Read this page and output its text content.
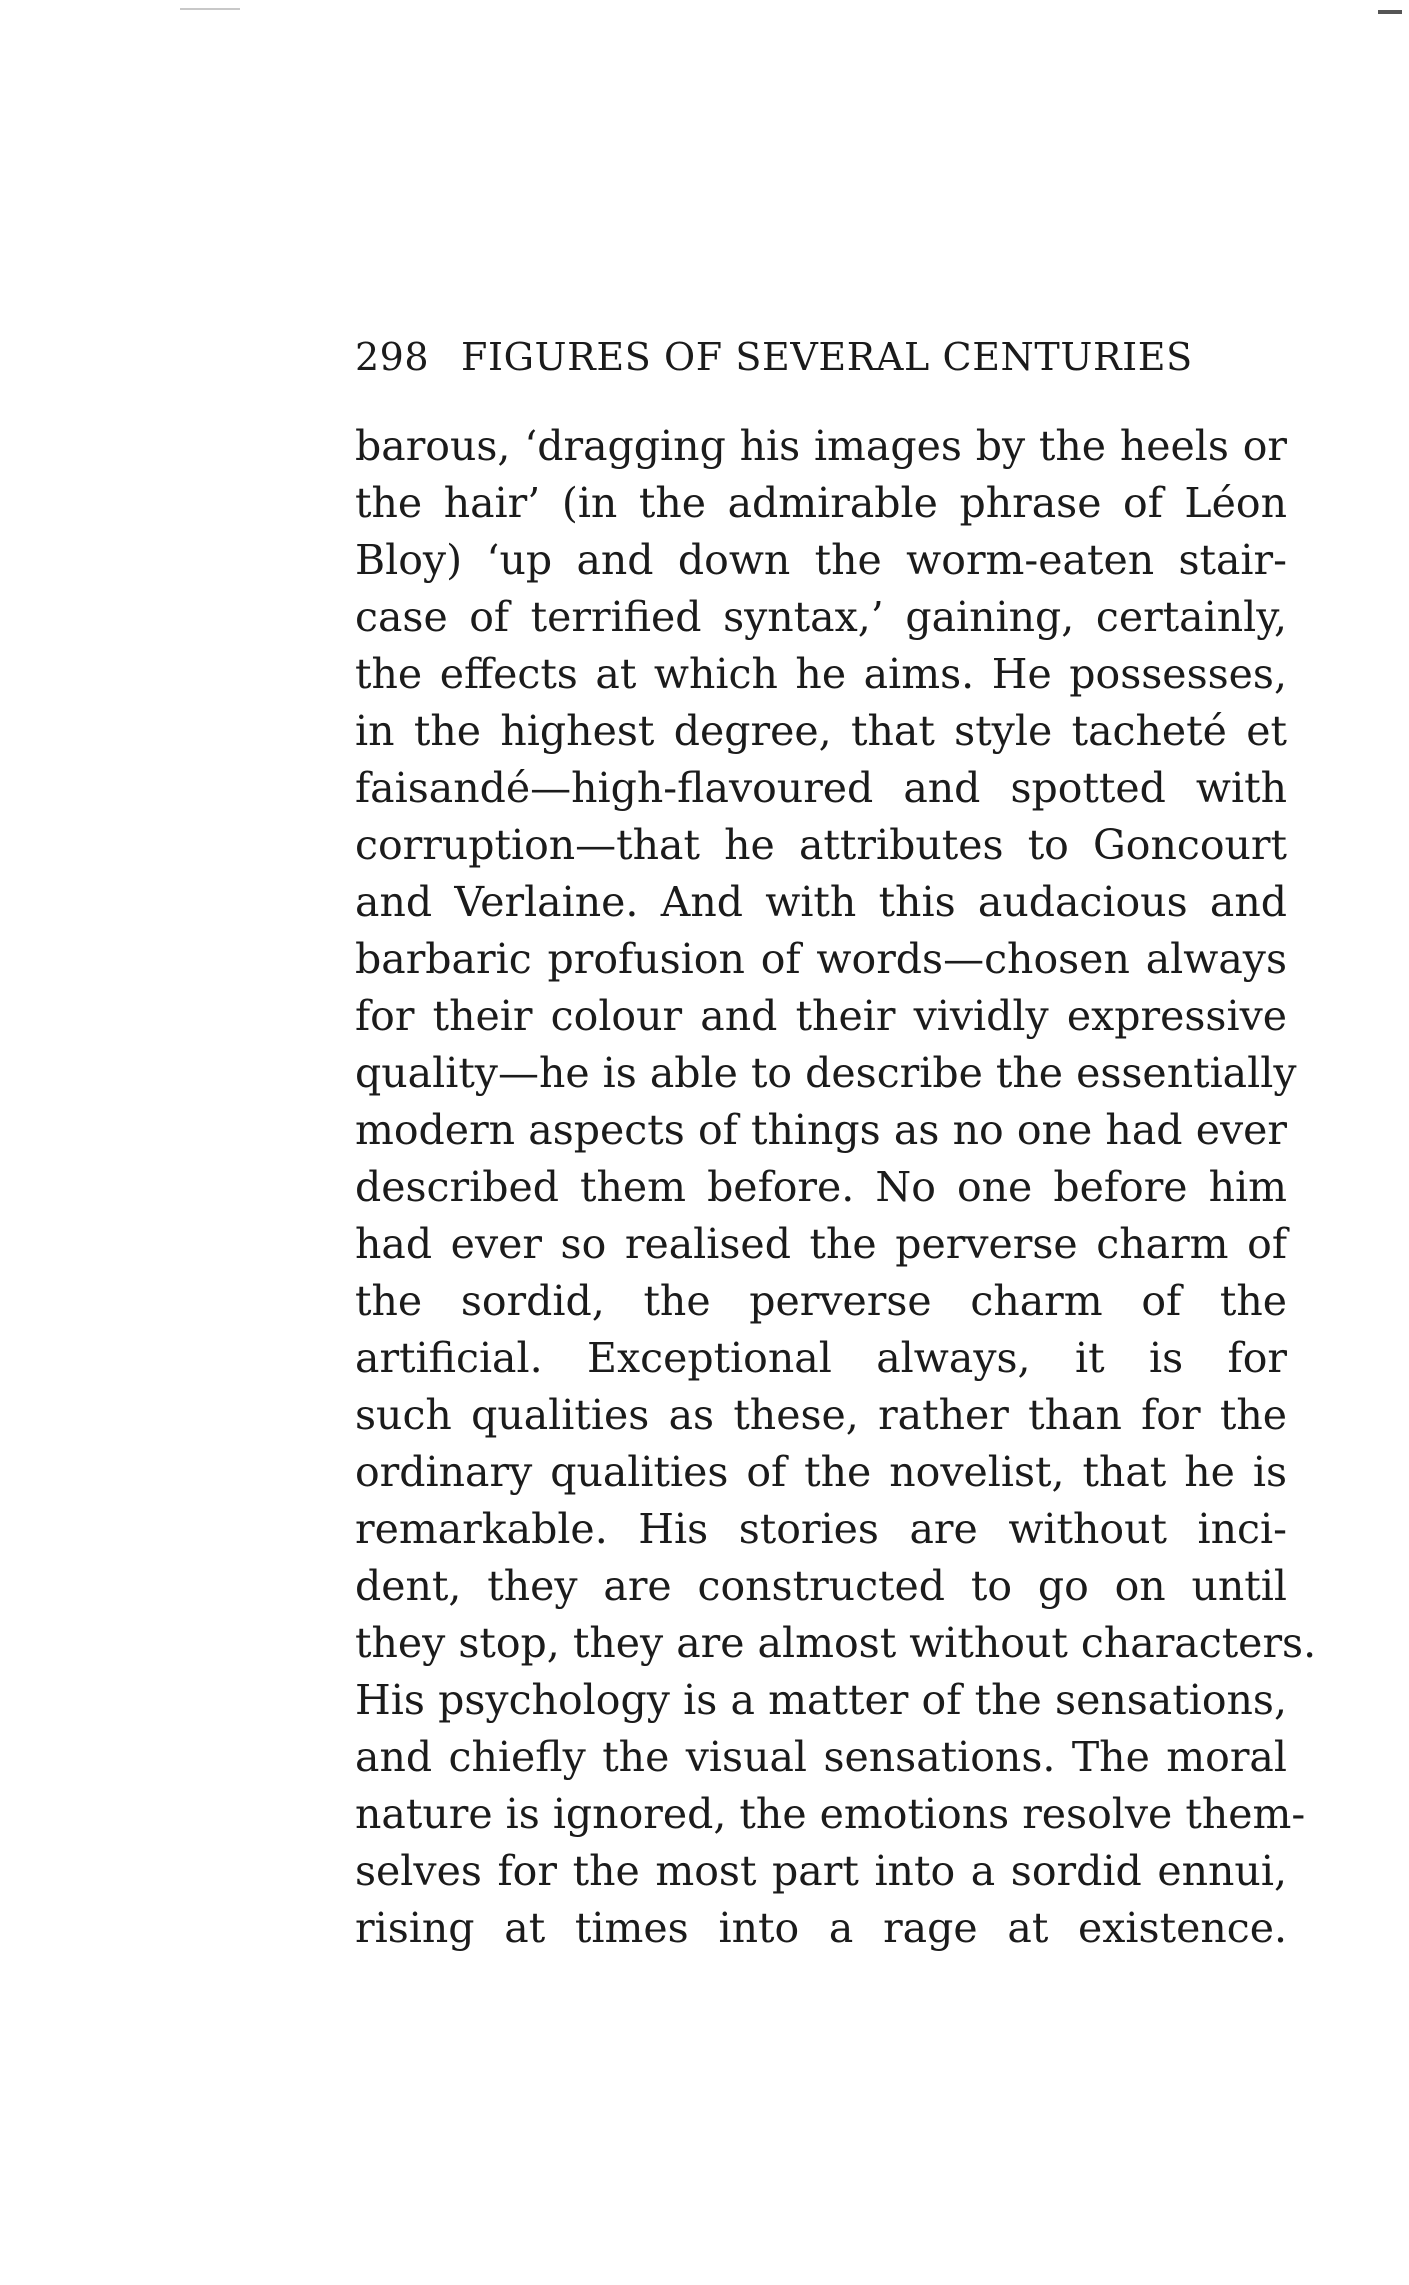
298 FIGURES OF SEVERAL CENTURIES
barous, ‘dragging his images by the heels or
the hair’ (in the admirable phrase of Léon
Bloy) ‘up and down the worm-eaten stair-
case of terrified syntax,’ gaining, certainly,
the effects at which he aims. He possesses,
in the highest degree, that style tacheté et
faisandé—high-flavoured and spotted with
corruption—that he attributes to Goncourt
and Verlaine. And with this audacious and
barbaric profusion of words—chosen always
for their colour and their vividly expressive
quality—he is able to describe the essentially
modern aspects of things as no one had ever
described them before. No one before him
had ever so realised the perverse charm of
the sordid, the perverse charm of the
artificial. Exceptional always, it is for
such qualities as these, rather than for the
ordinary qualities of the novelist, that he is
remarkable. His stories are without inci-
dent, they are constructed to go on until
they stop, they are almost without characters.
His psychology is a matter of the sensations,
and chiefly the visual sensations. The moral
nature is ignored, the emotions resolve them-
selves for the most part into a sordid ennui,
rising at times into a rage at existence.
